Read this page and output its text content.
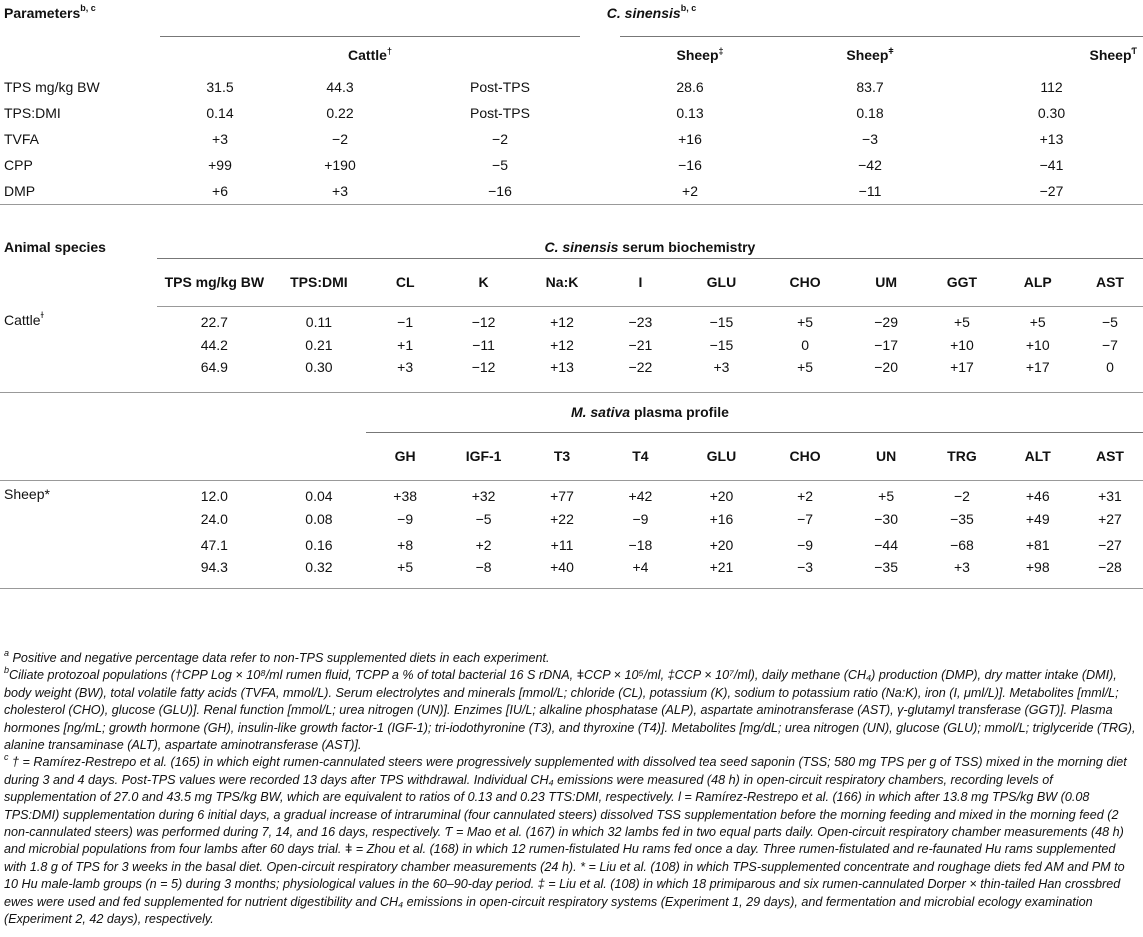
Parameters$^{b, c}$	C. sinensis$^{b, c}$
	Cattle†			Sheep‡	Sheep$^ǂ$	Sheep$^Ƭ$
TPS mg/kg BW	31.5	44.3	Post-TPS	28.6	83.7	112
TPS:DMI	0.14	0.22	Post-TPS	0.13	0.18	0.30
TVFA	+3	−2	−2	+16	−3	+13
CPP	+99	+190	−5	−16	−42	−41
DMP	+6	+3	−16	+2	−11	−27
Animal species	C. sinensis serum biochemistry											
	TPS mg/kg BW	TPS:DMI	CL	K	Na:K	I	GLU	CHO	UM	GGT	ALP	AST
Cattle$^ɫ$	22.7	0.11	−1	−12	+12	−23	−15	+5	−29	+5	+5	−5
	44.2	0.21	+1	−11	+12	−21	−15	0	−17	+10	+10	−7
	64.9	0.30	+3	−12	+13	−22	+3	+5	−20	+17	+17	0
	M. sativa plasma profile											
			GH	IGF-1	T3	T4	GLU	CHO	UN	TRG	ALT	AST
Sheep*	12.0	0.04	+38	+32	+77	+42	+20	+2	+5	−2	+46	+31
	24.0	0.08	−9	−5	+22	−9	+16	−7	−30	−35	+49	+27
	47.1	0.16	+8	+2	+11	−18	+20	−9	−44	−68	+81	−27
	94.3	0.32	+5	−8	+40	+4	+21	−3	−35	+3	+98	−28

$^a$ Positive and negative percentage data refer to non-TPS supplemented diets in each experiment.

$^b$Ciliate protozoal populations (†CPP Log × 10⁸/ml rumen fluid, ƬCPP a % of total bacterial 16 S rDNA, ǂCCP × 10⁵/ml, ‡CCP × 10⁷/ml), daily methane (CH₄) production (DMP), dry matter intake (DMI), body weight (BW), total volatile fatty acids (TVFA, mmol/L). Serum electrolytes and minerals [mmol/L; chloride (CL), potassium (K), sodium to potassium ratio (Na:K), iron (I, μml/L)]. Metabolites [mml/L; cholesterol (CHO), glucose (GLU)]. Renal function [mmol/L; urea nitrogen (UN)]. Enzimes [IU/L; alkaline phosphatase (ALP), aspartate aminotransferase (AST), γ-glutamyl transferase (GGT)]. Plasma hormones [ng/mL; growth hormone (GH), insulin-like growth factor-1 (IGF-1); tri-iodothyronine (T3), and thyroxine (T4)]. Metabolites [mg/dL; urea nitrogen (UN), glucose (GLU); mmol/L; triglyceride (TRG), alanine transaminase (ALT), aspartate aminotransferase (AST)].

$^c$ † = Ramírez-Restrepo et al. (165) in which eight rumen-cannulated steers were progressively supplemented with dissolved tea seed saponin (TSS; 580 mg TPS per g of TSS) mixed in the morning diet during 3 and 4 days. Post-TPS values were recorded 13 days after TPS withdrawal. Individual CH₄ emissions were measured (48 h) in open-circuit respiratory chambers, recording levels of supplementation of 27.0 and 43.5 mg TPS/kg BW, which are equivalent to ratios of 0.13 and 0.23 TTS:DMI, respectively. ɫ = Ramírez-Restrepo et al. (166) in which after 13.8 mg TPS/kg BW (0.08 TPS:DMI) supplementation during 6 initial days, a gradual increase of intraruminal (four cannulated steers) dissolved TSS supplementation before the morning feeding and mixed in the morning feed (2 non-cannulated steers) was performed during 7, 14, and 16 days, respectively. Ƭ = Mao et al. (167) in which 32 lambs fed in two equal parts daily. Open-circuit respiratory chamber measurements (48 h) and microbial populations from four lambs after 60 days trial. ǂ = Zhou et al. (168) in which 12 rumen-fistulated Hu rams fed once a day. Three rumen-fistulated and re-faunated Hu rams supplemented with 1.8 g of TPS for 3 weeks in the basal diet. Open-circuit respiratory chamber measurements (24 h). * = Liu et al. (108) in which TPS-supplemented concentrate and roughage diets fed AM and PM to 10 Hu male-lamb groups (n = 5) during 3 months; physiological values in the 60–90-day period. ‡ = Liu et al. (108) in which 18 primiparous and six rumen-cannulated Dorper × thin-tailed Han crossbred ewes were used and fed supplemented for nutrient digestibility and CH₄ emissions in open-circuit respiratory systems (Experiment 1, 29 days), and fermentation and microbial ecology examination (Experiment 2, 42 days), respectively.
